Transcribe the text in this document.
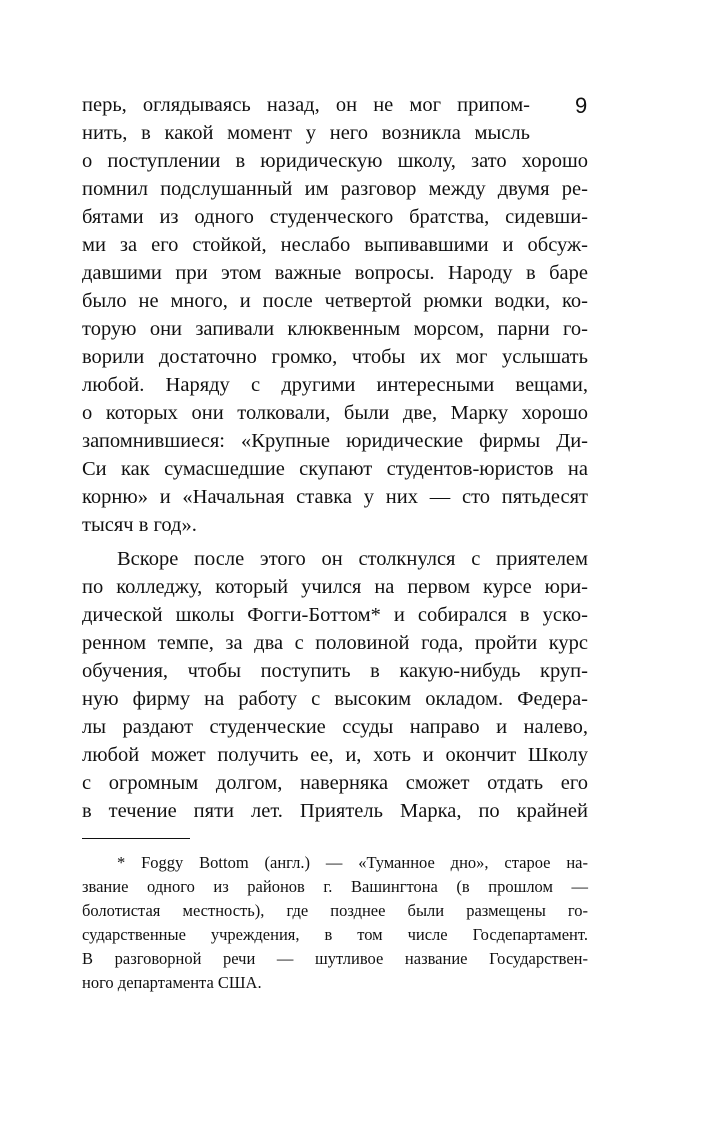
9
перь, оглядываясь назад, он не мог припом-
нить, в какой момент у него возникла мысль
о поступлении в юридическую школу, зато хорошо
помнил подслушанный им разговор между двумя ре-
бятами из одного студенческого братства, сидевши-
ми за его стойкой, неслабо выпивавшими и обсуж-
давшими при этом важные вопросы. Народу в баре
было не много, и после четвертой рюмки водки, ко-
торую они запивали клюквенным морсом, парни го-
ворили достаточно громко, чтобы их мог услышать
любой. Наряду с другими интересными вещами,
о которых они толковали, были две, Марку хорошо
запомнившиеся: «Крупные юридические фирмы Ди-
Си как сумасшедшие скупают студентов-юристов на
корню» и «Начальная ставка у них — сто пятьдесят
тысяч в год».
Вскоре после этого он столкнулся с приятелем
по колледжу, который учился на первом курсе юри-
дической школы Фогги-Боттом* и собирался в уско-
ренном темпе, за два с половиной года, пройти курс
обучения, чтобы поступить в какую-нибудь круп-
ную фирму на работу с высоким окладом. Федера-
лы раздают студенческие ссуды направо и налево,
любой может получить ее, и, хоть и окончит Школу
с огромным долгом, наверняка сможет отдать его
в течение пяти лет. Приятель Марка, по крайней
* Foggy Bottom (англ.) — «Туманное дно», старое на-
звание одного из районов г. Вашингтона (в прошлом —
болотистая местность), где позднее были размещены го-
сударственные учреждения, в том числе Госдепартамент.
В разговорной речи — шутливое название Государствен-
ного департамента США.
